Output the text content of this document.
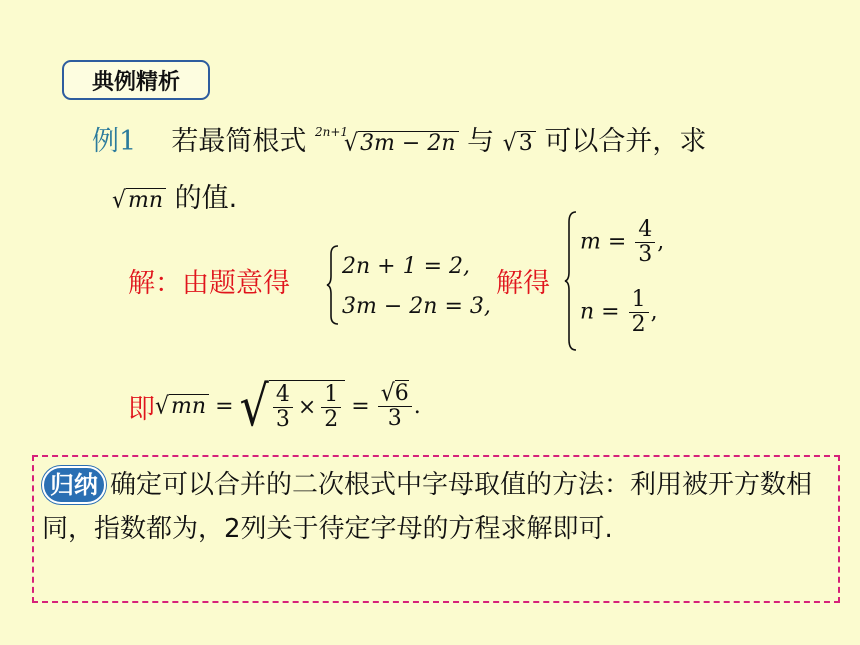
典例精析
例1 若最简根式 $^{2n+1}$√3m − 2n 与 √3 可以合并，求
√mn 的值.
解：由题意得
2n + 1 = 2,
3m − 2n = 3,
解得
$m = \frac{4}{3}$ ,
$n = \frac{1}{2}$ ,
即 √mn = √ $\frac{4}{3} \times \frac{1}{2} = \frac{√6}{3}$ .
归纳 确定可以合并的二次根式中字母取值的方法：利用被开方数相同，指数都为，2列关于待定字母的方程求解即可.
